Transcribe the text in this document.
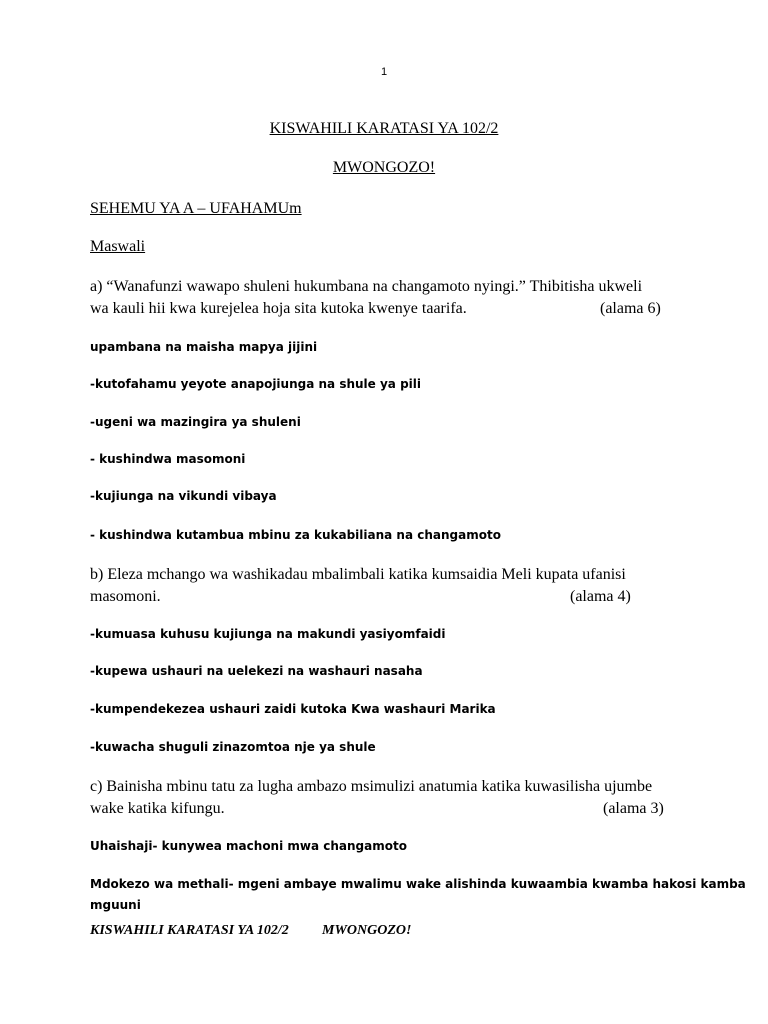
1
KISWAHILI KARATASI YA 102/2
MWONGOZO!
SEHEMU YA A – UFAHAMUm
Maswali
a) “Wanafunzi wawapo shuleni hukumbana na changamoto nyingi.” Thibitisha ukweli
wa kauli hii kwa kurejelea hoja sita kutoka kwenye taarifa.	(alama 6)
upambana na maisha mapya jijini
-kutofahamu yeyote anapojiunga na shule ya pili
-ugeni wa mazingira ya shuleni
- kushindwa masomoni
-kujiunga na vikundi vibaya
- kushindwa kutambua mbinu za kukabiliana na changamoto
b) Eleza mchango wa washikadau mbalimbali katika kumsaidia Meli kupata ufanisi
masomoni.	(alama 4)
-kumuasa kuhusu kujiunga na makundi yasiyomfaidi
-kupewa ushauri na uelekezi na washauri nasaha
-kumpendekezea ushauri zaidi kutoka Kwa washauri Marika
-kuwacha shuguli zinazomtoa nje ya shule
c) Bainisha mbinu tatu za lugha ambazo msimulizi anatumia katika kuwasilisha ujumbe
wake katika kifungu.	(alama 3)
Uhaishaji- kunywea machoni mwa changamoto
Mdokezo wa methali- mgeni ambaye mwalimu wake alishinda kuwaambia kwamba hakosi kamba
mguuni
KISWAHILI KARATASI YA 102/2 MWONGOZO!
